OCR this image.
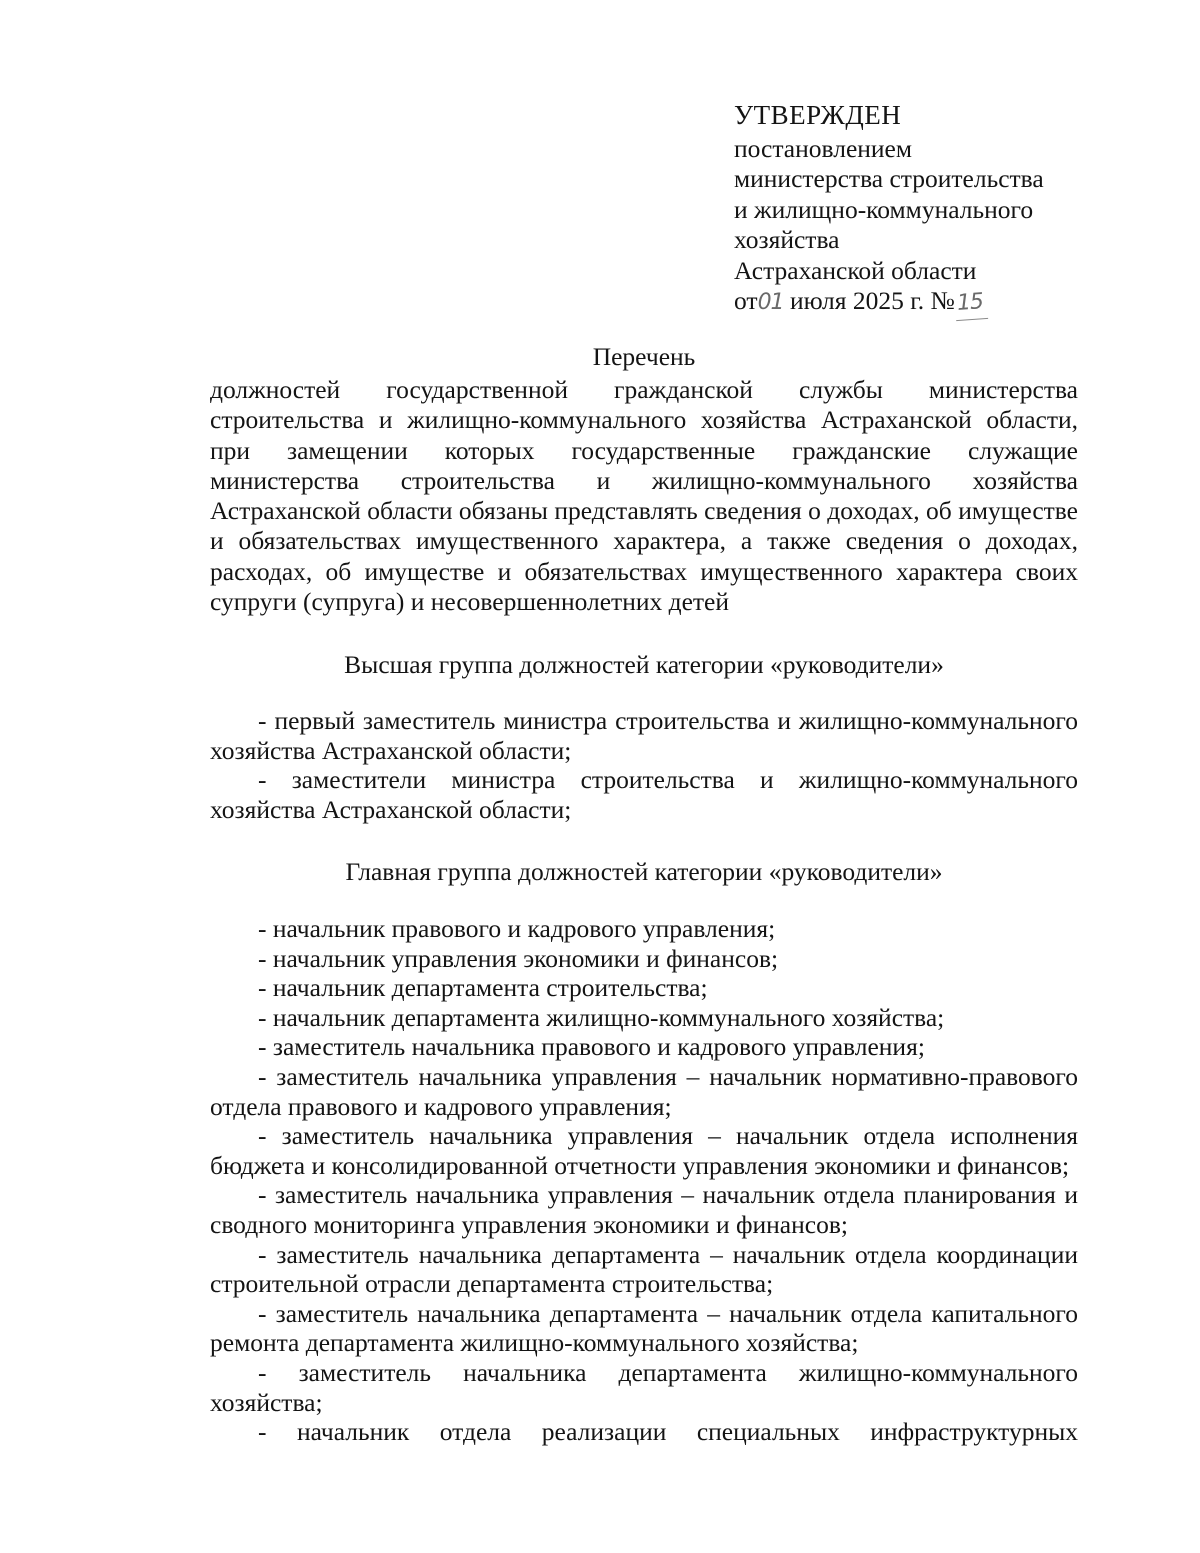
УТВЕРЖДЕН
постановлением
министерства строительства
и жилищно-коммунального
хозяйства
Астраханской области
от01 июля 2025 г. №15
Перечень
должностей государственной гражданской службы министерства строительства и жилищно-коммунального хозяйства Астраханской области, при замещении которых государственные гражданские служащие министерства строительства и жилищно-коммунального хозяйства Астраханской области обязаны представлять сведения о доходах, об имуществе и обязательствах имущественного характера, а также сведения о доходах, расходах, об имуществе и обязательствах имущественного характера своих супруги (супруга) и несовершеннолетних детей
Высшая группа должностей категории «руководители»
- первый заместитель министра строительства и жилищно-коммунального хозяйства Астраханской области;
- заместители министра строительства и жилищно-коммунального хозяйства Астраханской области;
Главная группа должностей категории «руководители»
- начальник правового и кадрового управления;
- начальник управления экономики и финансов;
- начальник департамента строительства;
- начальник департамента жилищно-коммунального хозяйства;
- заместитель начальника правового и кадрового управления;
- заместитель начальника управления – начальник нормативно-правового отдела правового и кадрового управления;
- заместитель начальника управления – начальник отдела исполнения бюджета и консолидированной отчетности управления экономики и финансов;
- заместитель начальника управления – начальник отдела планирования и сводного мониторинга управления экономики и финансов;
- заместитель начальника департамента – начальник отдела координации строительной отрасли департамента строительства;
- заместитель начальника департамента – начальник отдела капитального ремонта департамента жилищно-коммунального хозяйства;
- заместитель начальника департамента жилищно-коммунального хозяйства;
- начальник отдела реализации специальных инфраструктурных
